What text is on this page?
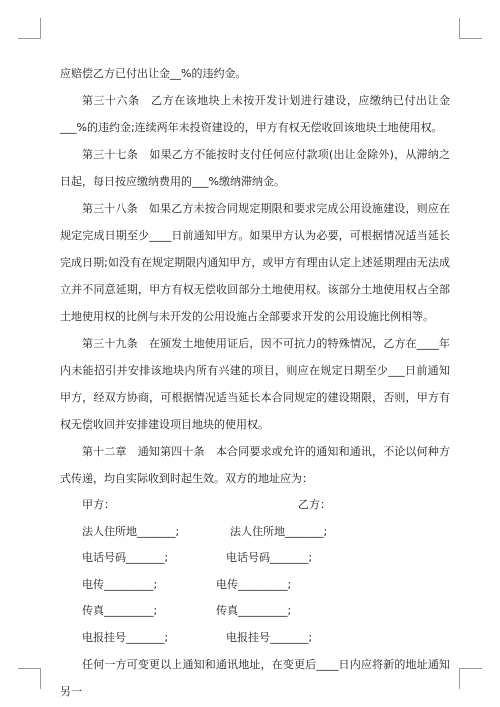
应赔偿乙方已付出让金__%的违约金。

第三十六条　乙方在该地块上未按开发计划进行建设，应缴纳已付出让金___%的违约金;连续两年未投资建设的，甲方有权无偿收回该地块土地使用权。

第三十七条　如果乙方不能按时支付任何应付款项(出让金除外)，从滞纳之日起，每日按应缴纳费用的___%缴纳滞纳金。

第三十八条　如果乙方未按合同规定期限和要求完成公用设施建设，则应在规定完成日期至少____日前通知甲方。如果甲方认为必要，可根据情况适当延长完成日期;如没有在规定期限内通知甲方，或甲方有理由认定上述延期理由无法成立并不同意延期，甲方有权无偿收回部分土地使用权。该部分土地使用权占全部土地使用权的比例与未开发的公用设施占全部要求开发的公用设施比例相等。

第三十九条　在颁发土地使用证后，因不可抗力的特殊情况，乙方在____年内未能招引并安排该地块内所有兴建的项目，则应在规定日期至少___日前通知甲方，经双方协商，可根据情况适当延长本合同规定的建设期限，否则，甲方有权无偿收回并安排建设项目地块的使用权。

第十二章　通知第四十条　本合同要求或允许的通知和通讯，不论以何种方式传递，均自实际收到时起生效。双方的地址应为：

甲方：	乙方：
法人住所地_______;	法人住所地_______;
电话号码_______;	电话号码_______;
电传_________;	电传_________;
传真_________;	传真_________;
电报挂号_______;	电报挂号_______;

任何一方可变更以上通知和通讯地址，在变更后____日内应将新的地址通知另一
